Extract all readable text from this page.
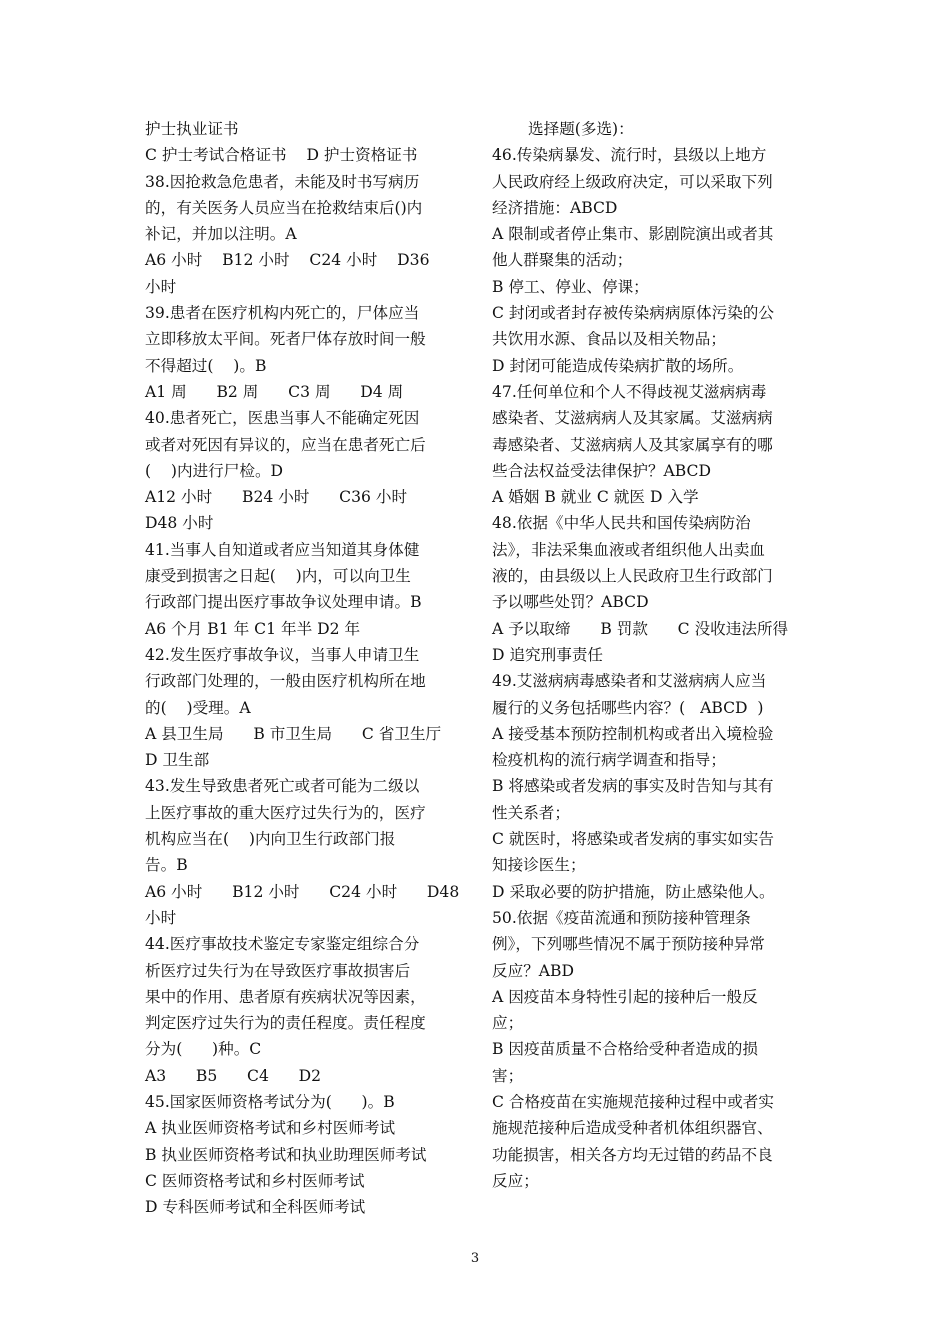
护士执业证书
C 护士考试合格证书    D 护士资格证书
38.因抢救急危患者，未能及时书写病历
的，有关医务人员应当在抢救结束后()内
补记，并加以注明。A
A6 小时    B12 小时    C24 小时    D36
小时
39.患者在医疗机构内死亡的，尸体应当
立即移放太平间。死者尸体存放时间一般
不得超过(    )。B
A1 周      B2 周      C3 周      D4 周
40.患者死亡，医患当事人不能确定死因
或者对死因有异议的，应当在患者死亡后
(    )内进行尸检。D
A12 小时      B24 小时      C36 小时
D48 小时
41.当事人自知道或者应当知道其身体健
康受到损害之日起(    )内，可以向卫生
行政部门提出医疗事故争议处理申请。B
A6 个月 B1 年 C1 年半 D2 年
42.发生医疗事故争议，当事人申请卫生
行政部门处理的，一般由医疗机构所在地
的(    )受理。A
A 县卫生局      B 市卫生局      C 省卫生厅
D 卫生部
43.发生导致患者死亡或者可能为二级以
上医疗事故的重大医疗过失行为的，医疗
机构应当在(    )内向卫生行政部门报
告。B
A6 小时      B12 小时      C24 小时      D48
小时
44.医疗事故技术鉴定专家鉴定组综合分
析医疗过失行为在导致医疗事故损害后
果中的作用、患者原有疾病状况等因素，
判定医疗过失行为的责任程度。责任程度
分为(      )种。C
A3      B5      C4      D2
45.国家医师资格考试分为(      )。B
A 执业医师资格考试和乡村医师考试
B 执业医师资格考试和执业助理医师考试
C 医师资格考试和乡村医师考试
D 专科医师考试和全科医师考试
选择题(多选)：
46.传染病暴发、流行时，县级以上地方
人民政府经上级政府决定，可以采取下列
经济措施：ABCD
A 限制或者停止集市、影剧院演出或者其
他人群聚集的活动；
B 停工、停业、停课；
C 封闭或者封存被传染病病原体污染的公
共饮用水源、食品以及相关物品；
D 封闭可能造成传染病扩散的场所。
47.任何单位和个人不得歧视艾滋病病毒
感染者、艾滋病病人及其家属。艾滋病病
毒感染者、艾滋病病人及其家属享有的哪
些合法权益受法律保护？ABCD
A 婚姻 B 就业 C 就医 D 入学
48.依据《中华人民共和国传染病防治
法》，非法采集血液或者组织他人出卖血
液的，由县级以上人民政府卫生行政部门
予以哪些处罚？ABCD
A 予以取缔      B 罚款      C 没收违法所得
D 追究刑事责任
49.艾滋病病毒感染者和艾滋病病人应当
履行的义务包括哪些内容？(   ABCD  )
A 接受基本预防控制机构或者出入境检验
检疫机构的流行病学调查和指导；
B 将感染或者发病的事实及时告知与其有
性关系者；
C 就医时，将感染或者发病的事实如实告
知接诊医生；
D 采取必要的防护措施，防止感染他人。
50.依据《疫苗流通和预防接种管理条
例》，下列哪些情况不属于预防接种异常
反应？ABD
A 因疫苗本身特性引起的接种后一般反
应；
B 因疫苗质量不合格给受种者造成的损
害；
C 合格疫苗在实施规范接种过程中或者实
施规范接种后造成受种者机体组织器官、
功能损害，相关各方均无过错的药品不良
反应；
3
